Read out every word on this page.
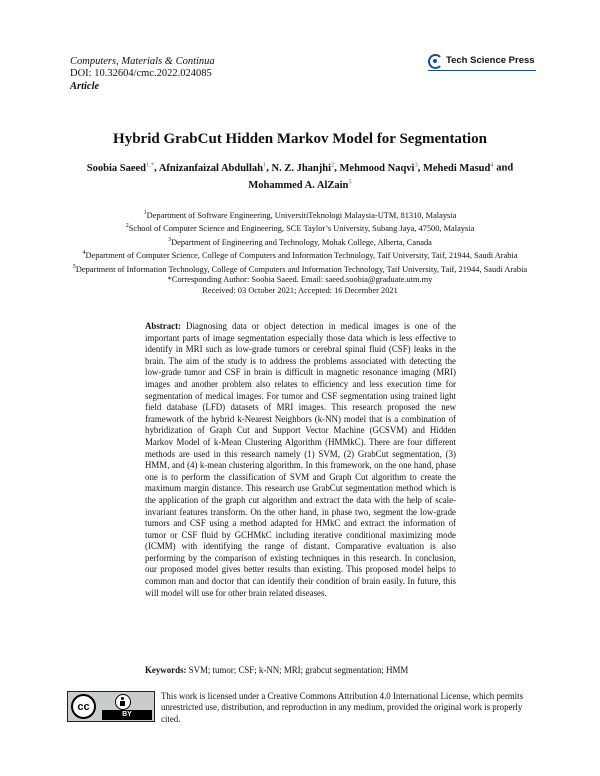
Computers, Materials & Continua
DOI: 10.32604/cmc.2022.024085
Article
Tech Science Press
Hybrid GrabCut Hidden Markov Model for Segmentation
Soobia Saeed$^{1,*}$, Afnizanfaizal Abdullah$^1$, N. Z. Jhanjhi$^2$, Mehmood Naqvi$^3$, Mehedi Masud$^4$ and
Mohammed A. AlZain$^5$
$^1$Department of Software Engineering, UniversitiTeknologi Malaysia-UTM, 81310, Malaysia
$^2$School of Computer Science and Engineering, SCE Taylor’s University, Subang Jaya, 47500, Malaysia
$^3$Department of Engineering and Technology, Mohak College, Alberta, Canada
$^4$Department of Computer Science, College of Computers and Information Technology, Taif University, Taif, 21944, Saudi Arabia
$^5$Department of Information Technology, College of Computers and Information Technology, Taif University, Taif, 21944, Saudi Arabia
*Corresponding Author: Soobia Saeed. Email: saeed.soobia@graduate.utm.my
Received: 03 October 2021; Accepted: 16 December 2021
Abstract: Diagnosing data or object detection in medical images is one of the important parts of image segmentation especially those data which is less effective to identify in MRI such as low-grade tumors or cerebral spinal fluid (CSF) leaks in the brain. The aim of the study is to address the problems associated with detecting the low-grade tumor and CSF in brain is difficult in magnetic resonance imaging (MRI) images and another problem also relates to efficiency and less execution time for segmentation of medical images. For tumor and CSF segmentation using trained light field database (LFD) datasets of MRI images. This research proposed the new framework of the hybrid k-Nearest Neighbors (k-NN) model that is a combination of hybridization of Graph Cut and Support Vector Machine (GCSVM) and Hidden Markov Model of k-Mean Clustering Algorithm (HMMkC). There are four different methods are used in this research namely (1) SVM, (2) GrabCut segmentation, (3) HMM, and (4) k-mean clustering algorithm. In this framework, on the one hand, phase one is to perform the classification of SVM and Graph Cut algorithm to create the maximum margin distance. This research use GrabCut segmentation method which is the application of the graph cut algorithm and extract the data with the help of scale-invariant features transform. On the other hand, in phase two, segment the low-grade tumors and CSF using a method adapted for HMkC and extract the information of tumor or CSF fluid by GCHMkC including iterative conditional maximizing mode (ICMM) with identifying the range of distant. Comparative evaluation is also performing by the comparison of existing techniques in this research. In conclusion, our proposed model gives better results than existing. This proposed model helps to common man and doctor that can identify their condition of brain easily. In future, this will model will use for other brain related diseases.
Keywords: SVM; tumor; CSF; k-NN; MRI; grabcut segmentation; HMM
cc
BY
This work is licensed under a Creative Commons Attribution 4.0 International License, which permits unrestricted use, distribution, and reproduction in any medium, provided the original work is properly cited.
